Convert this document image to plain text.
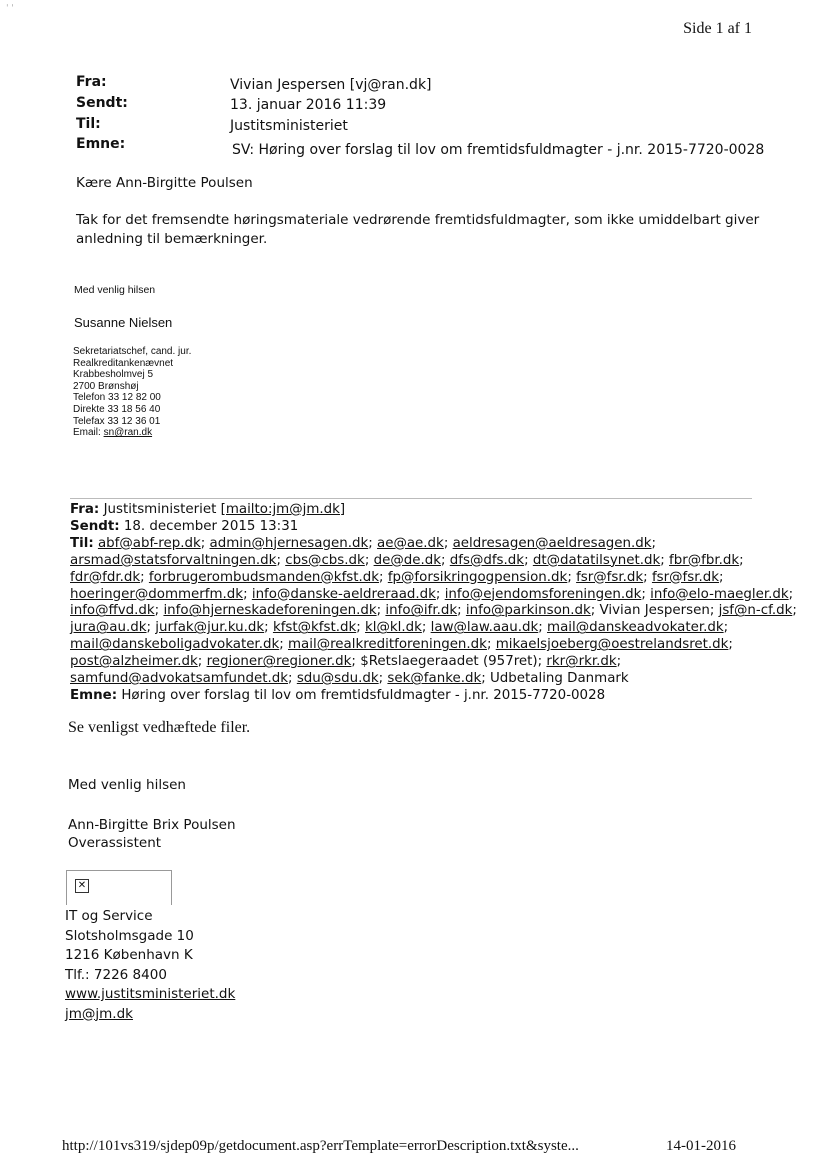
ˈ ˈ
Side 1 af 1
Fra:	Vivian Jespersen [vj@ran.dk]
Sendt:	13. januar 2016 11:39
Til:	Justitsministeriet
Emne:	SV: Høring over forslag til lov om fremtidsfuldmagter - j.nr. 2015-7720-0028
Kære Ann-Birgitte Poulsen
Tak for det fremsendte høringsmateriale vedrørende fremtidsfuldmagter, som ikke umiddelbart giver
anledning til bemærkninger.
Med venlig hilsen
Susanne Nielsen
Sekretariatschef, cand. jur.
Realkreditankenævnet
Krabbesholmvej 5
2700 Brønshøj
Telefon 33 12 82 00
Direkte 33 18 56 40
Telefax 33 12 36 01
Email: sn@ran.dk
Fra: Justitsministeriet [mailto:jm@jm.dk]
Sendt: 18. december 2015 13:31
Til: abf@abf-rep.dk; admin@hjernesagen.dk; ae@ae.dk; aeldresagen@aeldresagen.dk;
arsmad@statsforvaltningen.dk; cbs@cbs.dk; de@de.dk; dfs@dfs.dk; dt@datatilsynet.dk; fbr@fbr.dk;
fdr@fdr.dk; forbrugerombudsmanden@kfst.dk; fp@forsikringogpension.dk; fsr@fsr.dk; fsr@fsr.dk;
hoeringer@dommerfm.dk; info@danske-aeldreraad.dk; info@ejendomsforeningen.dk; info@elo-maegler.dk;
info@ffvd.dk; info@hjerneskadeforeningen.dk; info@ifr.dk; info@parkinson.dk; Vivian Jespersen; jsf@n-cf.dk;
jura@au.dk; jurfak@jur.ku.dk; kfst@kfst.dk; kl@kl.dk; law@law.aau.dk; mail@danskeadvokater.dk;
mail@danskeboligadvokater.dk; mail@realkreditforeningen.dk; mikaelsjoeberg@oestrelandsret.dk;
post@alzheimer.dk; regioner@regioner.dk; $Retslaegeraadet (957ret); rkr@rkr.dk;
samfund@advokatsamfundet.dk; sdu@sdu.dk; sek@fanke.dk; Udbetaling Danmark
Emne: Høring over forslag til lov om fremtidsfuldmagter - j.nr. 2015-7720-0028
Se venligst vedhæftede filer.
Med venlig hilsen
Ann-Birgitte Brix Poulsen
Overassistent
✕
IT og Service
Slotsholmsgade 10
1216 København K
Tlf.: 7226 8400
www.justitsministeriet.dk
jm@jm.dk
http://101vs319/sjdep09p/getdocument.asp?errTemplate=errorDescription.txt&syste...	14-01-2016
